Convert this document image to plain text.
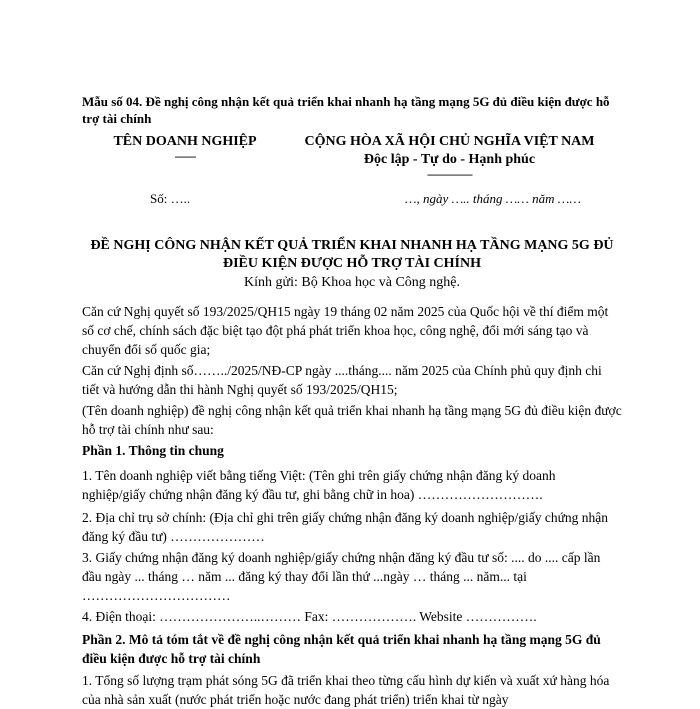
Mẫu số 04. Đề nghị công nhận kết quả triển khai nhanh hạ tầng mạng 5G đủ điều kiện được hỗ trợ tài chính
TÊN DOANH NGHIỆP
-------
CỘNG HÒA XÃ HỘI CHỦ NGHĨA VIỆT NAM
Độc lập - Tự do - Hạnh phúc
---------------
Số: …..	…, ngày ….. tháng …… năm ……
ĐỀ NGHỊ CÔNG NHẬN KẾT QUẢ TRIỂN KHAI NHANH HẠ TẦNG MẠNG 5G ĐỦ ĐIỀU KIỆN ĐƯỢC HỖ TRỢ TÀI CHÍNH
Kính gửi: Bộ Khoa học và Công nghệ.
Căn cứ Nghị quyết số 193/2025/QH15 ngày 19 tháng 02 năm 2025 của Quốc hội về thí điểm một số cơ chế, chính sách đặc biệt tạo đột phá phát triển khoa học, công nghệ, đổi mới sáng tạo và chuyển đổi số quốc gia;
Căn cứ Nghị định số……../2025/NĐ-CP ngày ....tháng.... năm 2025 của Chính phủ quy định chi tiết và hướng dẫn thi hành Nghị quyết số 193/2025/QH15;
(Tên doanh nghiệp) đề nghị công nhận kết quả triển khai nhanh hạ tầng mạng 5G đủ điều kiện được hỗ trợ tài chính như sau:
Phần 1. Thông tin chung
1. Tên doanh nghiệp viết bằng tiếng Việt: (Tên ghi trên giấy chứng nhận đăng ký doanh nghiệp/giấy chứng nhận đăng ký đầu tư, ghi bằng chữ in hoa) ……………………….
2. Địa chỉ trụ sở chính: (Địa chỉ ghi trên giấy chứng nhận đăng ký doanh nghiệp/giấy chứng nhận đăng ký đầu tư) …………………
3. Giấy chứng nhận đăng ký doanh nghiệp/giấy chứng nhận đăng ký đầu tư số: .... do .... cấp lần đầu ngày ... tháng … năm ... đăng ký thay đổi lần thứ ...ngày … tháng ... năm... tại ……………………………
4. Điện thoại: …………………..……… Fax: ………………. Website …………….
Phần 2. Mô tả tóm tắt về đề nghị công nhận kết quả triển khai nhanh hạ tầng mạng 5G đủ điều kiện được hỗ trợ tài chính
1. Tổng số lượng trạm phát sóng 5G đã triển khai theo từng cấu hình dự kiến và xuất xứ hàng hóa của nhà sản xuất (nước phát triển hoặc nước đang phát triển) triển khai từ ngày
